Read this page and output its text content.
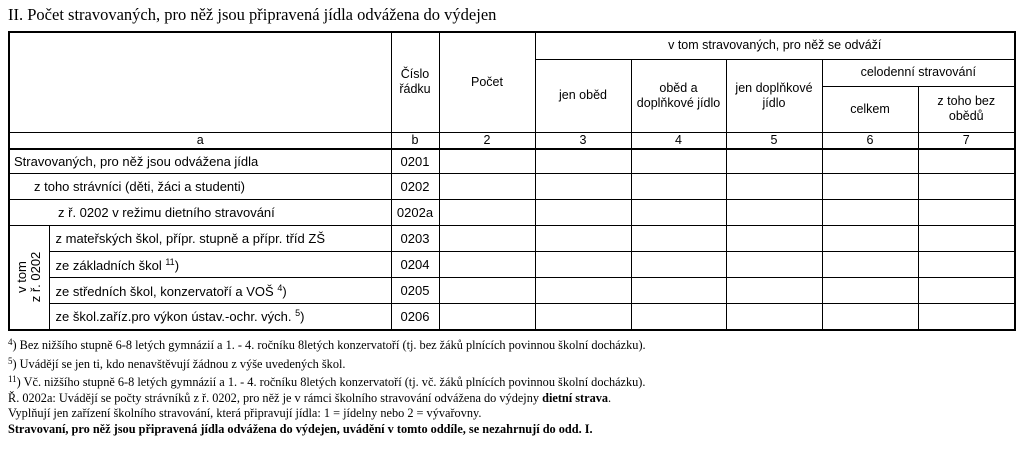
II. Počet stravovaných, pro něž jsou připravená jídla odvážena do výdejen
		Číslo řádku	Počet	v tom stravovaných, pro něž se odváží				
				jen oběd	oběd a doplňkové jídlo	jen doplňkové jídlo	celodenní stravování	
							celkem	z toho bez obědů
a		b	2	3	4	5	6	7
Stravovaných, pro něž jsou odvážena jídla		0201						
z toho strávníci (děti, žáci a studenti)		0202						
z ř. 0202 v režimu dietního stravování		0202a						

v tom z ř. 0202	z mateřských škol, přípr. stupně a přípr. tříd ZŠ	0203						
	ze základních škol $^{11}$)	0204						
	ze středních škol, konzervatoří a VOŠ $^4$)	0205						
	ze škol.zaříz.pro výkon ústav.-ochr. vých. $^5$)	0206						
$^4$) Bez nižšího stupně 6-8 letých gymnázií a 1. - 4. ročníku 8letých konzervatoří (tj. bez žáků plnících povinnou školní docházku).
$^5$) Uvádějí se jen ti, kdo nenavštěvují žádnou z výše uvedených škol.
$^{11}$) Vč. nižšího stupně 6-8 letých gymnázií a 1. - 4. ročníku 8letých konzervatoří (tj. vč. žáků plnících povinnou školní docházku).
Ř. 0202a: Uvádějí se počty strávníků z ř. 0202, pro něž je v rámci školního stravování odvážena do výdejny dietní strava.
Vyplňují jen zařízení školního stravování, která připravují jídla: 1 = jídelny nebo 2 = vývařovny.
Stravovaní, pro něž jsou připravená jídla odvážena do výdejen, uvádění v tomto oddíle, se nezahrnují do odd. I.
